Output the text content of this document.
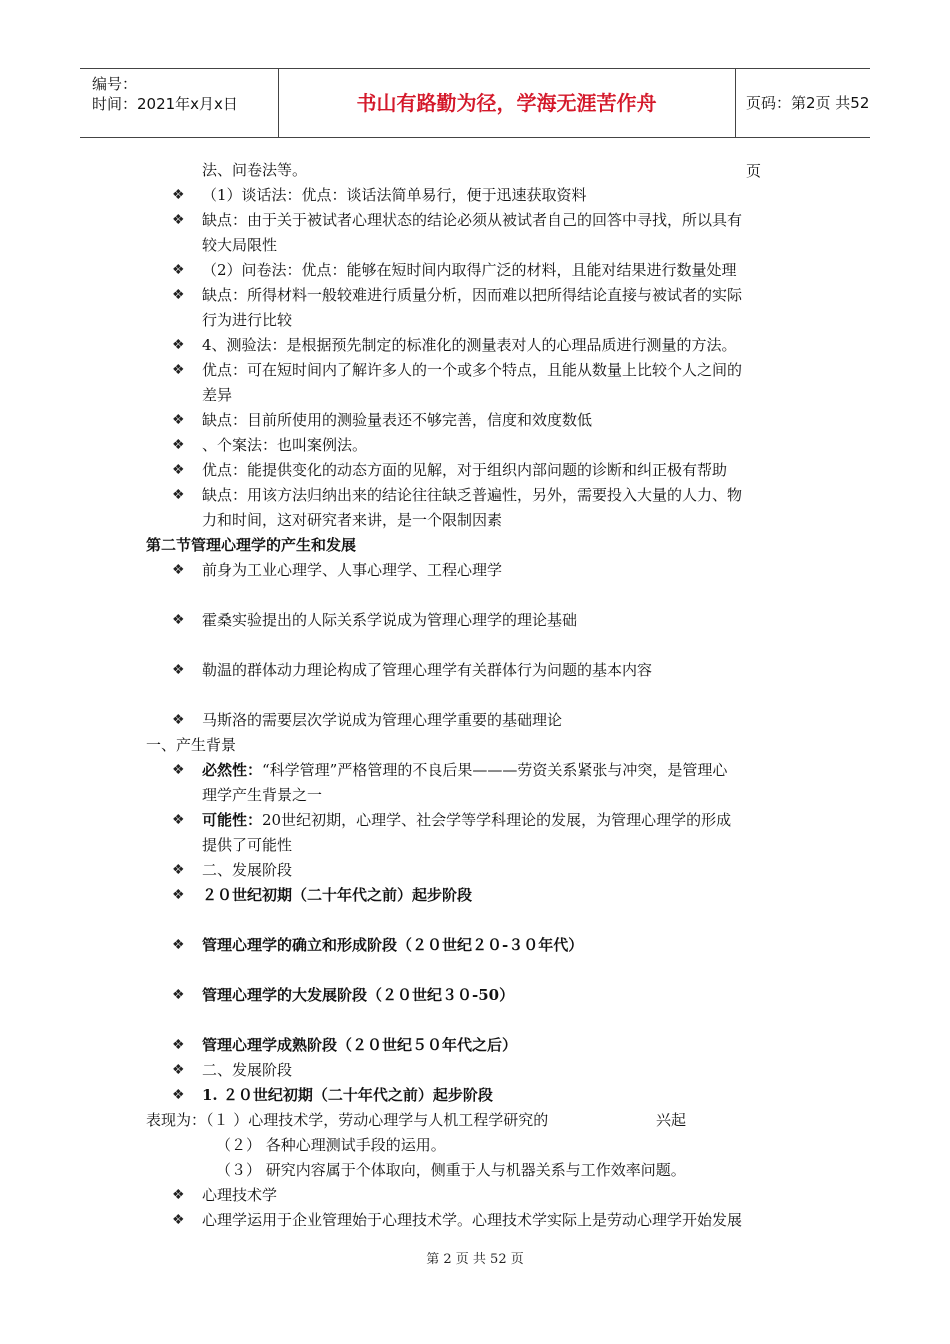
编号：
时间：2021年x月x日	书山有路勤为径，学海无涯苦作舟	页码：第2页 共52页
法、问卷法等。
❖ （1）谈话法：优点：谈话法简单易行，便于迅速获取资料
❖ 缺点：由于关于被试者心理状态的结论必须从被试者自己的回答中寻找，所以具有
较大局限性
❖ （2）问卷法：优点：能够在短时间内取得广泛的材料，且能对结果进行数量处理
❖ 缺点：所得材料一般较难进行质量分析，因而难以把所得结论直接与被试者的实际
行为进行比较
❖ 4、测验法：是根据预先制定的标准化的测量表对人的心理品质进行测量的方法。
❖ 优点：可在短时间内了解许多人的一个或多个特点，且能从数量上比较个人之间的
差异
❖ 缺点：目前所使用的测验量表还不够完善，信度和效度数低
❖ 、个案法：也叫案例法。
❖ 优点：能提供变化的动态方面的见解，对于组织内部问题的诊断和纠正极有帮助
❖ 缺点：用该方法归纳出来的结论往往缺乏普遍性，另外，需要投入大量的人力、物
力和时间，这对研究者来讲，是一个限制因素
第二节管理心理学的产生和发展
❖ 前身为工业心理学、人事心理学、工程心理学
❖ 霍桑实验提出的人际关系学说成为管理心理学的理论基础
❖ 勒温的群体动力理论构成了管理心理学有关群体行为问题的基本内容
❖ 马斯洛的需要层次学说成为管理心理学重要的基础理论
一、产生背景
❖ 必然性：“科学管理”严格管理的不良后果———劳资关系紧张与冲突，是管理心
理学产生背景之一
❖ 可能性：20世纪初期，心理学、社会学等学科理论的发展，为管理心理学的形成
提供了可能性
❖ 二、发展阶段
❖ ２０世纪初期（二十年代之前）起步阶段
❖ 管理心理学的确立和形成阶段（２０世纪２０-３０年代）
❖ 管理心理学的大发展阶段（２０世纪３０-50）
❖ 管理心理学成熟阶段（２０世纪５０年代之后）
❖ 二、发展阶段
❖ 1. ２０世纪初期（二十年代之前）起步阶段
表现为：（１ ）心理技术学，劳动心理学与人机工程学研究的	兴起
（２） 各种心理测试手段的运用。
（３） 研究内容属于个体取向，侧重于人与机器关系与工作效率问题。
❖ 心理技术学
❖ 心理学运用于企业管理始于心理技术学。心理技术学实际上是劳动心理学开始发展
第 2 页 共 52 页
